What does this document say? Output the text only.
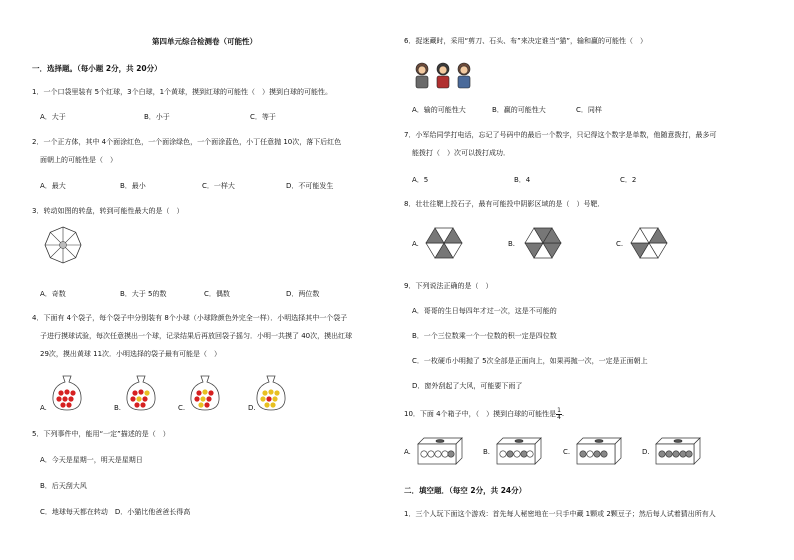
第四单元综合检测卷（可能性）
一．选择题。（每小题 2分，共 20分）
1．一个口袋里装有 5个红球，3个白球，1个黄球，摸到红球的可能性（　）摸到白球的可能性。
A．大于	B．小于	C．等于
2．一个正方体，其中 4个面涂红色，一个面涂绿色，一个面涂蓝色，小丁任意抛 10次，落下后红色
面朝上的可能性是（　）
A．最大	B．最小	C．一样大	D．不可能发生
3．转动如图的转盘，转到可能性最大的是（　）
A．奇数	B．大于 5的数	C．偶数	D．两位数
4．下面有 4个袋子，每个袋子中分别装有 8个小球（小球除颜色外完全一样）．小明选择其中一个袋子
子进行摸球试验，每次任意摸出一个球，记录结果后再放回袋子摇匀．小明一共摸了 40次，摸出红球
29次，摸出黄球 11次．小明选择的袋子最有可能是（　）
A.	B.	C.	D.
5．下列事件中，能用“一定”描述的是（　）
A．今天是星期一，明天是星期日
B．后天刮大风
C．地球每天都在转动　D．小猫比他爸爸长得高
6．捉迷藏时，采用“剪刀、石头、布”来决定谁当“猫”，输和赢的可能性（　）
A．输的可能性大	B．赢的可能性大	C．同样
7．小军给同学打电话，忘记了号码中的最后一个数字，只记得这个数字是单数，他随意拨打，最多可
能拨打（　）次可以拨打成功．
A．5	B．4	C．2
8．壮壮往靶上投石子，最有可能投中阴影区域的是（　）号靶．
A.	B.	C.
9．下列说法正确的是（　）
A．哥哥的生日每四年才过一次，这是不可能的
B．一个三位数乘一个一位数的积一定是四位数
C．一枚硬币小明抛了 5次全部是正面向上，如果再抛一次，一定是正面朝上
D．窗外刮起了大风，可能要下雨了
10．下面 4个箱子中，（　）摸到白球的可能性是 $\frac{1}{4}$ .
A.	B.	C.	D.
二．填空题．（每空 2分，共 24分）
1．三个人玩下面这个游戏：首先每人秘密地在一只手中藏 1颗或 2颗豆子；然后每人试着猜出所有人
